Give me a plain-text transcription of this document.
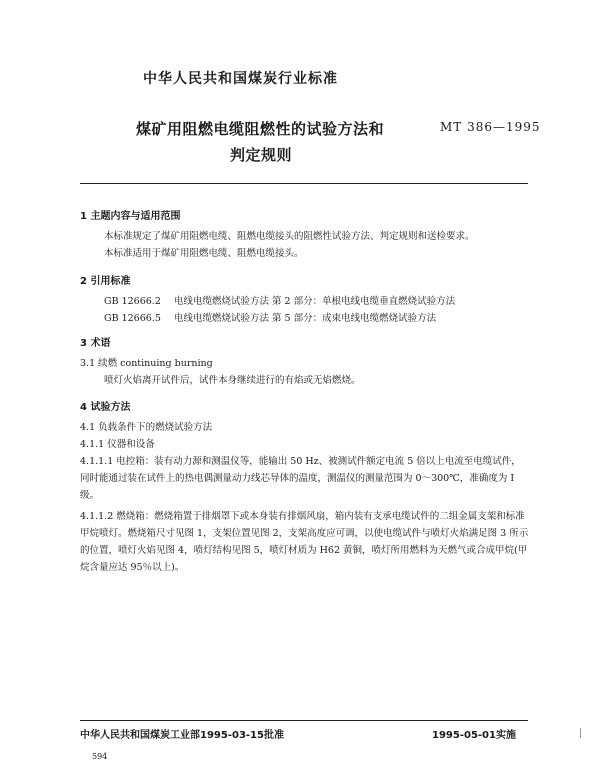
中华人民共和国煤炭行业标准
煤矿用阻燃电缆阻燃性的试验方法和
判定规则
MT 386—1995
1 主题内容与适用范围
本标准规定了煤矿用阻燃电缆、阻燃电缆接头的阻燃性试验方法、判定规则和送检要求。
本标准适用于煤矿用阻燃电缆、阻燃电缆接头。
2 引用标准
GB 12666.2 电线电缆燃烧试验方法 第 2 部分：单根电线电缆垂直燃烧试验方法
GB 12666.5 电线电缆燃烧试验方法 第 5 部分：成束电线电缆燃烧试验方法
3 术语
3.1 续燃 continuing burning
喷灯火焰离开试件后，试件本身继续进行的有焰或无焰燃烧。
4 试验方法
4.1 负载条件下的燃烧试验方法
4.1.1 仪器和设备
4.1.1.1 电控箱：装有动力源和测温仪等，能输出 50 Hz、被测试件额定电流 5 倍以上电流至电缆试件，同时能通过装在试件上的热电偶测量动力线芯导体的温度，测温仪的测量范围为 0～300℃，准确度为 I 级。
4.1.1.2 燃烧箱：燃烧箱置于排烟罩下或本身装有排烟风扇，箱内装有支承电缆试件的二组金属支架和标准甲烷喷灯。燃烧箱尺寸见图 1，支架位置见图 2，支架高度应可调，以使电缆试件与喷灯火焰满足图 3 所示的位置，喷灯火焰见图 4，喷灯结构见图 5，喷灯材质为 H62 黄铜，喷灯所用燃料为天燃气或合成甲烷(甲烷含量应达 95％以上)。
中华人民共和国煤炭工业部1995-03-15批准	1995-05-01实施
594
